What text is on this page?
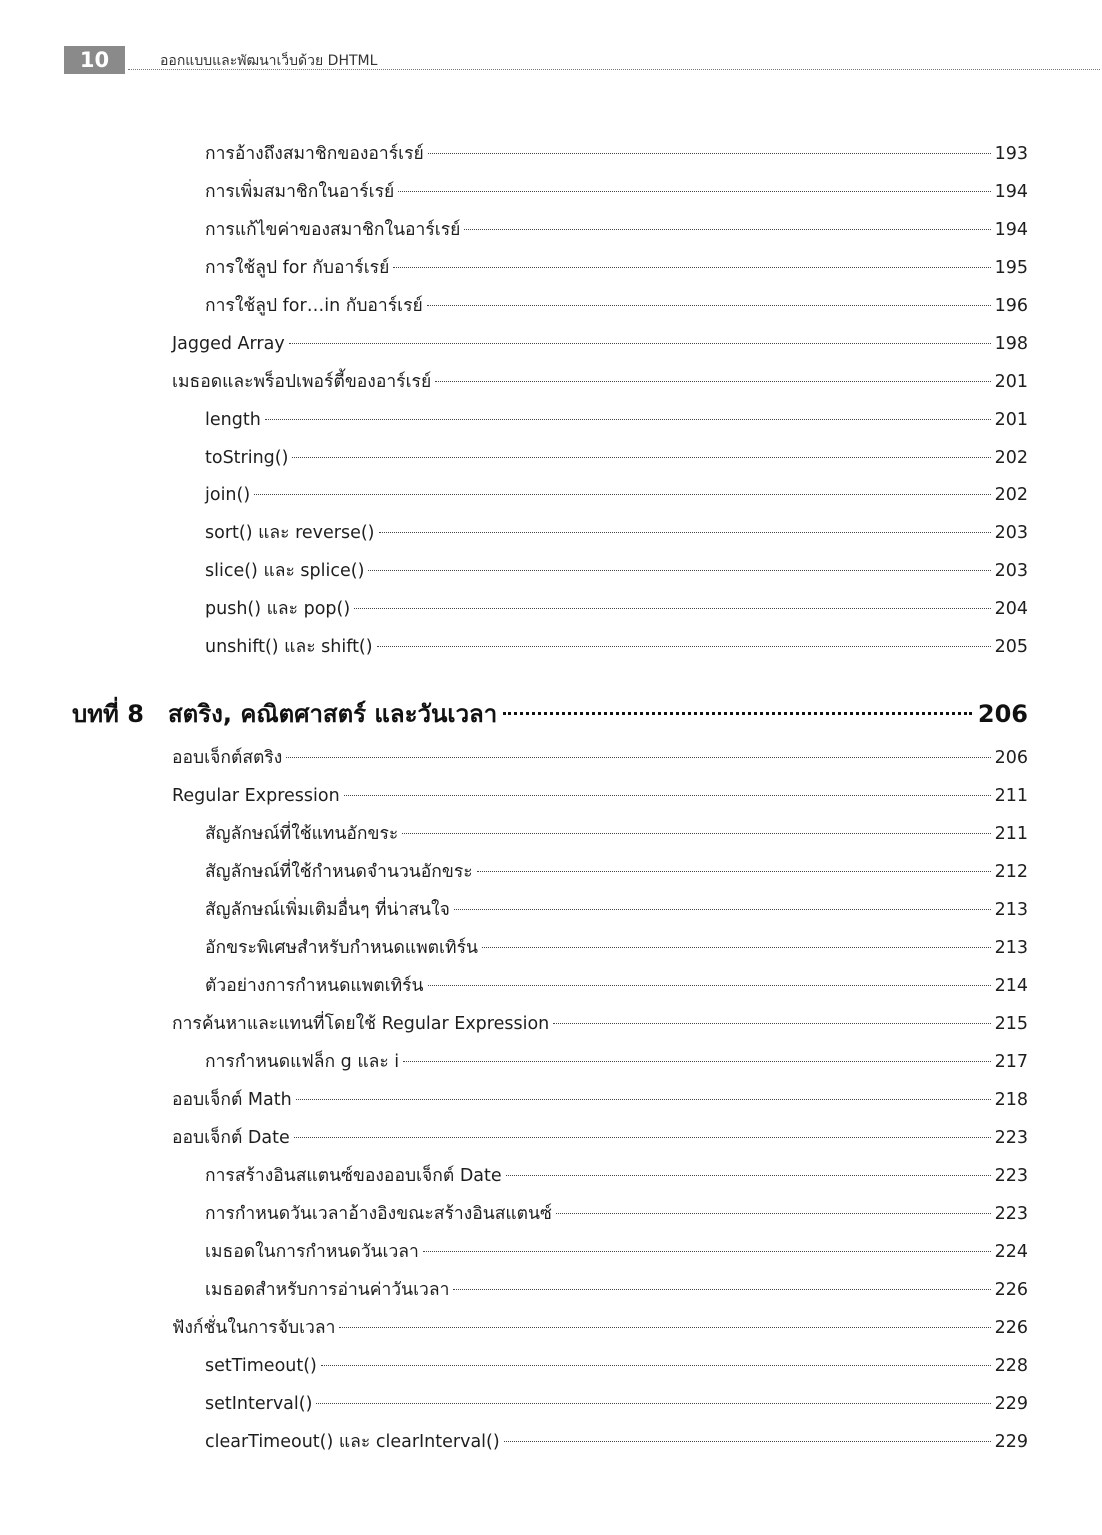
10	ออกแบบและพัฒนาเว็บด้วย DHTML
การอ้างถึงสมาชิกของอาร์เรย์	193
การเพิ่มสมาชิกในอาร์เรย์	194
การแก้ไขค่าของสมาชิกในอาร์เรย์	194
การใช้ลูป for กับอาร์เรย์	195
การใช้ลูป for…in กับอาร์เรย์	196
Jagged Array	198
เมธอดและพร็อปเพอร์ตี้ของอาร์เรย์	201
length	201
toString()	202
join()	202
sort() และ reverse()	203
slice() และ splice()	203
push() และ pop()	204
unshift() และ shift()	205
บทที่ 8	สตริง, คณิตศาสตร์ และวันเวลา	206
ออบเจ็กต์สตริง	206
Regular Expression	211
สัญลักษณ์ที่ใช้แทนอักขระ	211
สัญลักษณ์ที่ใช้กำหนดจำนวนอักขระ	212
สัญลักษณ์เพิ่มเติมอื่นๆ ที่น่าสนใจ	213
อักขระพิเศษสำหรับกำหนดแพตเทิร์น	213
ตัวอย่างการกำหนดแพตเทิร์น	214
การค้นหาและแทนที่โดยใช้ Regular Expression	215
การกำหนดแฟล็ก g และ i	217
ออบเจ็กต์ Math	218
ออบเจ็กต์ Date	223
การสร้างอินสแตนซ์ของออบเจ็กต์ Date	223
การกำหนดวันเวลาอ้างอิงขณะสร้างอินสแตนซ์	223
เมธอดในการกำหนดวันเวลา	224
เมธอดสำหรับการอ่านค่าวันเวลา	226
ฟังก์ชั่นในการจับเวลา	226
setTimeout()	228
setInterval()	229
clearTimeout() และ clearInterval()	229
